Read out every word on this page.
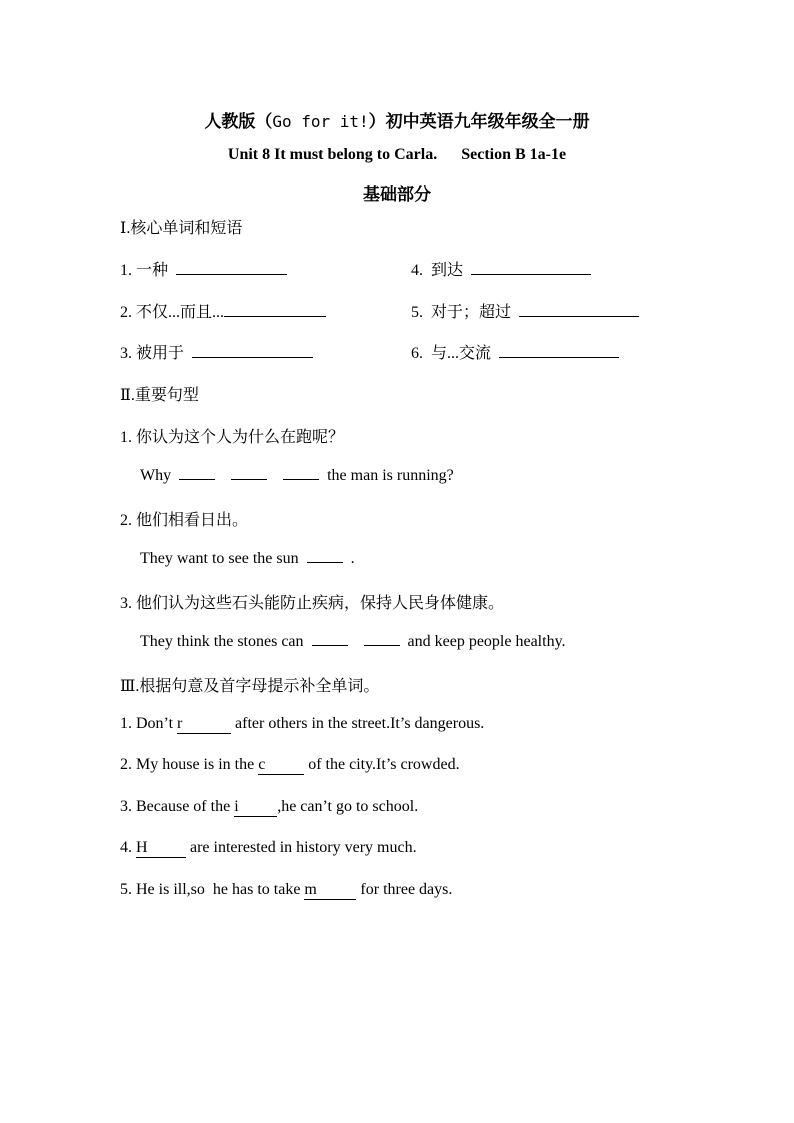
人教版（Go for it!）初中英语九年级年级全一册
Unit 8 It must belong to Carla.      Section B 1a-1e
基础部分
Ⅰ.核心单词和短语
1. 一种	4. 到达
2. 不仅...而且...	5. 对于；超过
3. 被用于	6. 与...交流
Ⅱ.重要句型
1. 你认为这个人为什么在跑呢？
Why	the man is running?
2. 他们相看日出。
They want to see the sun	.
3. 他们认为这些石头能防止疾病，保持人民身体健康。
They think the stones can	and keep people healthy.
Ⅲ.根据句意及首字母提示补全单词。
1. Don’t r	after others in the street.It’s dangerous.
2. My house is in the c of the city.It’s crowded.
3. Because of the i ,he can’t go to school.
4. H are interested in history very much.
5. He is ill,so  he has to take m for three days.
